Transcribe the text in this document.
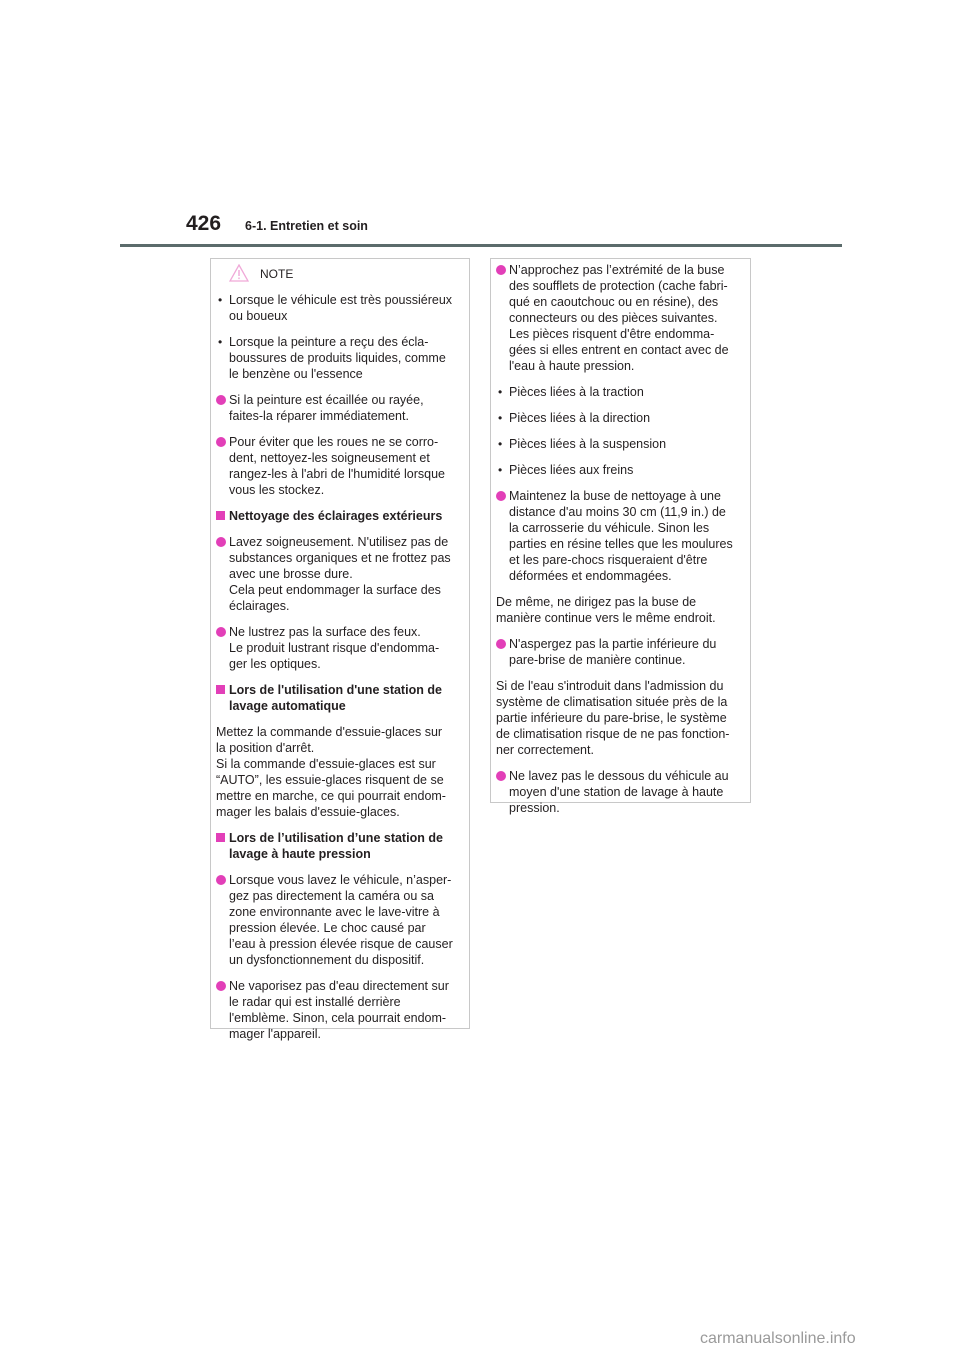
426 6-1. Entretien et soin
NOTE
• Lorsque le véhicule est très poussiéreux
ou boueux
• Lorsque la peinture a reçu des écla-
boussures de produits liquides, comme
le benzène ou l'essence
Si la peinture est écaillée ou rayée,
faites-la réparer immédiatement.
Pour éviter que les roues ne se corro-
dent, nettoyez-les soigneusement et
rangez-les à l'abri de l'humidité lorsque
vous les stockez.
Nettoyage des éclairages extérieurs
Lavez soigneusement. N'utilisez pas de
substances organiques et ne frottez pas
avec une brosse dure.
Cela peut endommager la surface des
éclairages.
Ne lustrez pas la surface des feux.
Le produit lustrant risque d'endomma-
ger les optiques.
Lors de l'utilisation d'une station de
lavage automatique
Mettez la commande d'essuie-glaces sur
la position d'arrêt.
Si la commande d'essuie-glaces est sur
“AUTO”, les essuie-glaces risquent de se
mettre en marche, ce qui pourrait endom-
mager les balais d'essuie-glaces.
Lors de l’utilisation d’une station de
lavage à haute pression
Lorsque vous lavez le véhicule, n’asper-
gez pas directement la caméra ou sa
zone environnante avec le lave-vitre à
pression élevée. Le choc causé par
l’eau à pression élevée risque de causer
un dysfonctionnement du dispositif.
Ne vaporisez pas d'eau directement sur
le radar qui est installé derrière
l'emblème. Sinon, cela pourrait endom-
mager l'appareil.
N’approchez pas l’extrémité de la buse
des soufflets de protection (cache fabri-
qué en caoutchouc ou en résine), des
connecteurs ou des pièces suivantes.
Les pièces risquent d'être endomma-
gées si elles entrent en contact avec de
l'eau à haute pression.
• Pièces liées à la traction
• Pièces liées à la direction
• Pièces liées à la suspension
• Pièces liées aux freins
Maintenez la buse de nettoyage à une
distance d'au moins 30 cm (11,9 in.) de
la carrosserie du véhicule. Sinon les
parties en résine telles que les moulures
et les pare-chocs risqueraient d'être
déformées et endommagées.
De même, ne dirigez pas la buse de
manière continue vers le même endroit.
N'aspergez pas la partie inférieure du
pare-brise de manière continue.
Si de l'eau s'introduit dans l'admission du
système de climatisation située près de la
partie inférieure du pare-brise, le système
de climatisation risque de ne pas fonction-
ner correctement.
Ne lavez pas le dessous du véhicule au
moyen d'une station de lavage à haute
pression.
carmanualsonline.info
